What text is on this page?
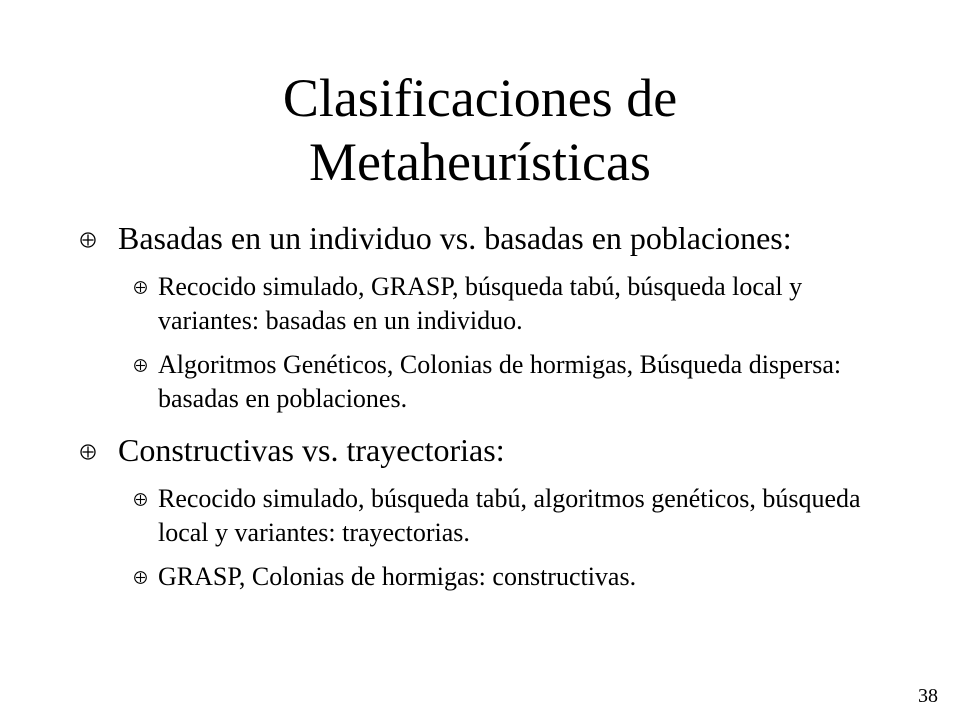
Clasificaciones de
Metaheurísticas
Basadas en un individuo vs. basadas en poblaciones:
Recocido simulado, GRASP, búsqueda tabú, búsqueda local y variantes: basadas en un individuo.
Algoritmos Genéticos, Colonias de hormigas, Búsqueda dispersa: basadas en poblaciones.
Constructivas vs. trayectorias:
Recocido simulado, búsqueda tabú, algoritmos genéticos, búsqueda local y variantes: trayectorias.
GRASP, Colonias de hormigas: constructivas.
38
